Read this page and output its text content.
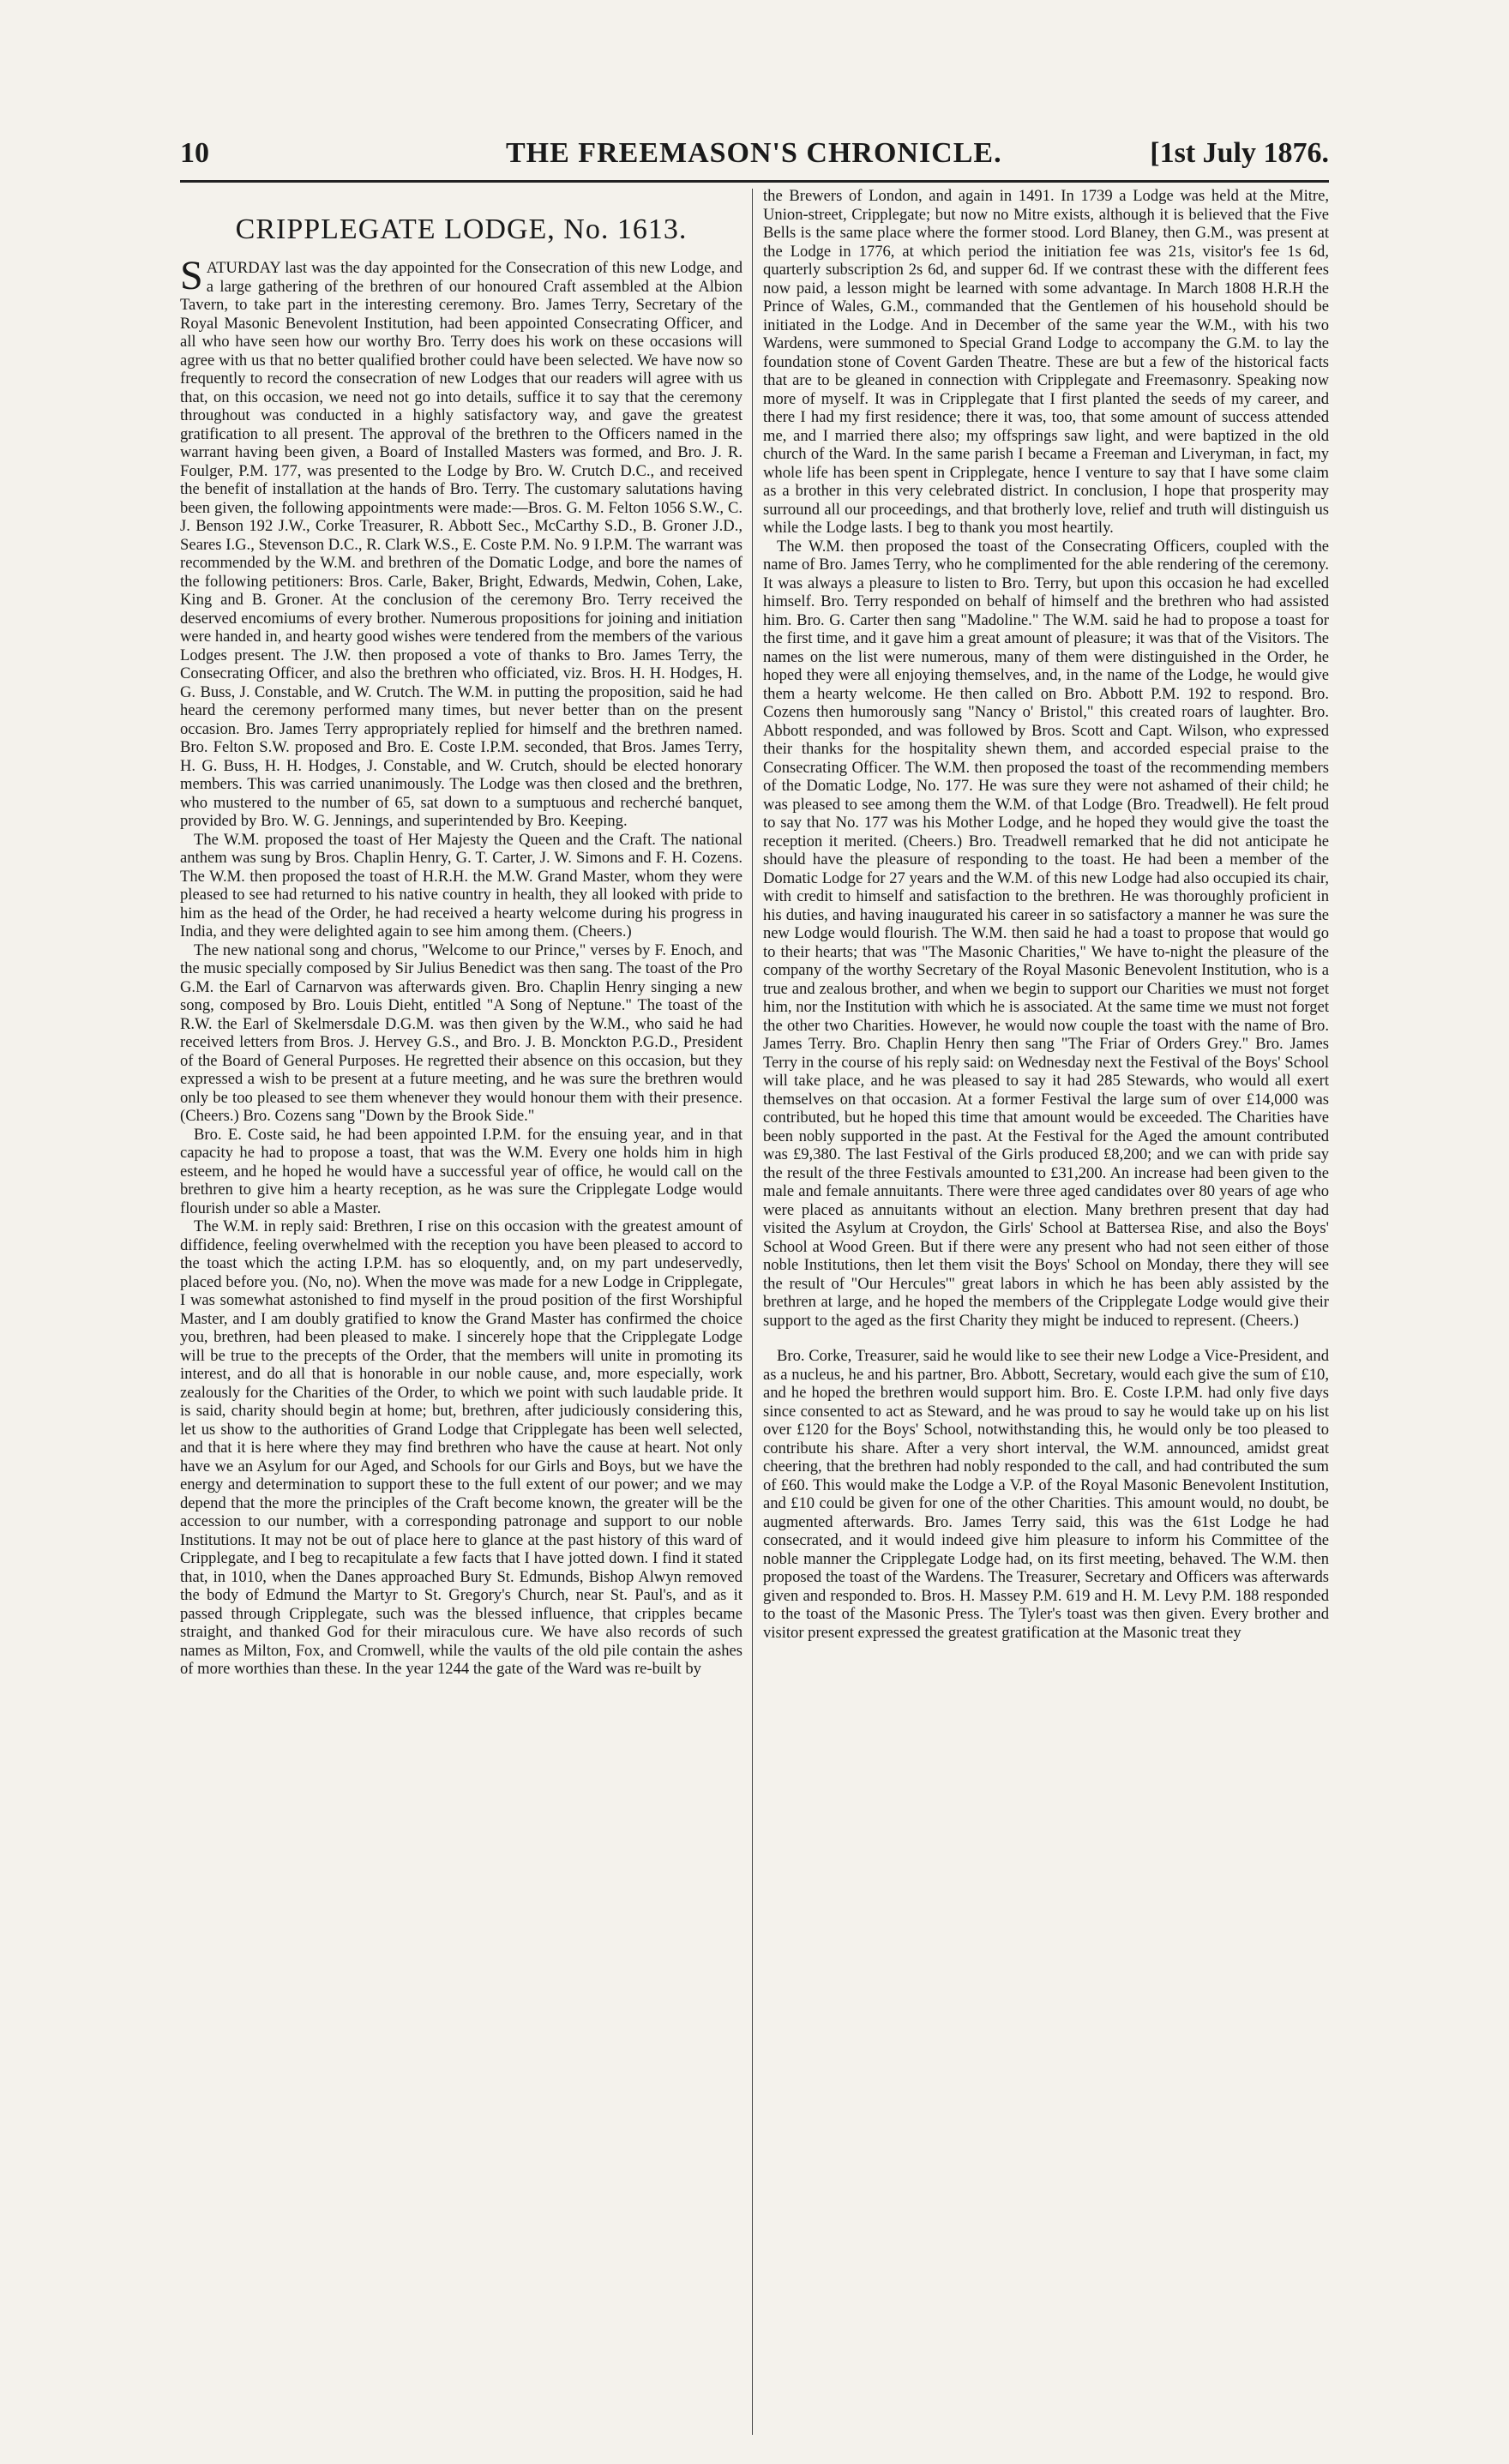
10	THE FREEMASON'S CHRONICLE.	[1st July 1876.
CRIPPLEGATE LODGE, No. 1613.

SATURDAY last was the day appointed for the Consecration of this new Lodge, and a large gathering of the brethren of our honoured Craft assembled at the Albion Tavern, to take part in the interesting ceremony. Bro. James Terry, Secretary of the Royal Masonic Benevolent Institution, had been appointed Consecrating Officer, and all who have seen how our worthy Bro. Terry does his work on these occasions will agree with us that no better qualified brother could have been selected. We have now so frequently to record the consecration of new Lodges that our readers will agree with us that, on this occasion, we need not go into details, suffice it to say that the ceremony throughout was conducted in a highly satisfactory way, and gave the greatest gratification to all present. The approval of the brethren to the Officers named in the warrant having been given, a Board of Installed Masters was formed, and Bro. J. R. Foulger, P.M. 177, was presented to the Lodge by Bro. W. Crutch D.C., and received the benefit of installation at the hands of Bro. Terry. The customary salutations having been given, the following appointments were made:—Bros. G. M. Felton 1056 S.W., C. J. Benson 192 J.W., Corke Treasurer, R. Abbott Sec., McCarthy S.D., B. Groner J.D., Seares I.G., Stevenson D.C., R. Clark W.S., E. Coste P.M. No. 9 I.P.M. The warrant was recommended by the W.M. and brethren of the Domatic Lodge, and bore the names of the following petitioners: Bros. Carle, Baker, Bright, Edwards, Medwin, Cohen, Lake, King and B. Groner. At the conclusion of the ceremony Bro. Terry received the deserved encomiums of every brother. Numerous propositions for joining and initiation were handed in, and hearty good wishes were tendered from the members of the various Lodges present. The J.W. then proposed a vote of thanks to Bro. James Terry, the Consecrating Officer, and also the brethren who officiated, viz. Bros. H. H. Hodges, H. G. Buss, J. Constable, and W. Crutch. The W.M. in putting the proposition, said he had heard the ceremony performed many times, but never better than on the present occasion. Bro. James Terry appropriately replied for himself and the brethren named. Bro. Felton S.W. proposed and Bro. E. Coste I.P.M. seconded, that Bros. James Terry, H. G. Buss, H. H. Hodges, J. Constable, and W. Crutch, should be elected honorary members. This was carried unanimously. The Lodge was then closed and the brethren, who mustered to the number of 65, sat down to a sumptuous and recherché banquet, provided by Bro. W. G. Jennings, and superintended by Bro. Keeping.

The W.M. proposed the toast of Her Majesty the Queen and the Craft. The national anthem was sung by Bros. Chaplin Henry, G. T. Carter, J. W. Simons and F. H. Cozens. The W.M. then proposed the toast of H.R.H. the M.W. Grand Master, whom they were pleased to see had returned to his native country in health, they all looked with pride to him as the head of the Order, he had received a hearty welcome during his progress in India, and they were delighted again to see him among them. (Cheers.)

The new national song and chorus, "Welcome to our Prince," verses by F. Enoch, and the music specially composed by Sir Julius Benedict was then sang. The toast of the Pro G.M. the Earl of Carnarvon was afterwards given. Bro. Chaplin Henry singing a new song, composed by Bro. Louis Dieht, entitled "A Song of Neptune." The toast of the R.W. the Earl of Skelmersdale D.G.M. was then given by the W.M., who said he had received letters from Bros. J. Hervey G.S., and Bro. J. B. Monckton P.G.D., President of the Board of General Purposes. He regretted their absence on this occasion, but they expressed a wish to be present at a future meeting, and he was sure the brethren would only be too pleased to see them whenever they would honour them with their presence. (Cheers.) Bro. Cozens sang "Down by the Brook Side."

Bro. E. Coste said, he had been appointed I.P.M. for the ensuing year, and in that capacity he had to propose a toast, that was the W.M. Every one holds him in high esteem, and he hoped he would have a successful year of office, he would call on the brethren to give him a hearty reception, as he was sure the Cripplegate Lodge would flourish under so able a Master.

The W.M. in reply said: Brethren, I rise on this occasion with the greatest amount of diffidence, feeling overwhelmed with the reception you have been pleased to accord to the toast which the acting I.P.M. has so eloquently, and, on my part undeservedly, placed before you. (No, no). When the move was made for a new Lodge in Cripplegate, I was somewhat astonished to find myself in the proud position of the first Worshipful Master, and I am doubly gratified to know the Grand Master has confirmed the choice you, brethren, had been pleased to make. I sincerely hope that the Cripplegate Lodge will be true to the precepts of the Order, that the members will unite in promoting its interest, and do all that is honorable in our noble cause, and, more especially, work zealously for the Charities of the Order, to which we point with such laudable pride. It is said, charity should begin at home; but, brethren, after judiciously considering this, let us show to the authorities of Grand Lodge that Cripplegate has been well selected, and that it is here where they may find brethren who have the cause at heart. Not only have we an Asylum for our Aged, and Schools for our Girls and Boys, but we have the energy and determination to support these to the full extent of our power; and we may depend that the more the principles of the Craft become known, the greater will be the accession to our number, with a corresponding patronage and support to our noble Institutions. It may not be out of place here to glance at the past history of this ward of Cripplegate, and I beg to recapitulate a few facts that I have jotted down. I find it stated that, in 1010, when the Danes approached Bury St. Edmunds, Bishop Alwyn removed the body of Edmund the Martyr to St. Gregory's Church, near St. Paul's, and as it passed through Cripplegate, such was the blessed influence, that cripples became straight, and thanked God for their miraculous cure. We have also records of such names as Milton, Fox, and Cromwell, while the vaults of the old pile contain the ashes of more worthies than these. In the year 1244 the gate of the Ward was re-built by

the Brewers of London, and again in 1491. In 1739 a Lodge was held at the Mitre, Union-street, Cripplegate; but now no Mitre exists, although it is believed that the Five Bells is the same place where the former stood. Lord Blaney, then G.M., was present at the Lodge in 1776, at which period the initiation fee was 21s, visitor's fee 1s 6d, quarterly subscription 2s 6d, and supper 6d. If we contrast these with the different fees now paid, a lesson might be learned with some advantage. In March 1808 H.R.H the Prince of Wales, G.M., commanded that the Gentlemen of his household should be initiated in the Lodge. And in December of the same year the W.M., with his two Wardens, were summoned to Special Grand Lodge to accompany the G.M. to lay the foundation stone of Covent Garden Theatre. These are but a few of the historical facts that are to be gleaned in connection with Cripplegate and Freemasonry. Speaking now more of myself. It was in Cripplegate that I first planted the seeds of my career, and there I had my first residence; there it was, too, that some amount of success attended me, and I married there also; my offsprings saw light, and were baptized in the old church of the Ward. In the same parish I became a Freeman and Liveryman, in fact, my whole life has been spent in Cripplegate, hence I venture to say that I have some claim as a brother in this very celebrated district. In conclusion, I hope that prosperity may surround all our proceedings, and that brotherly love, relief and truth will distinguish us while the Lodge lasts. I beg to thank you most heartily.

The W.M. then proposed the toast of the Consecrating Officers, coupled with the name of Bro. James Terry, who he complimented for the able rendering of the ceremony. It was always a pleasure to listen to Bro. Terry, but upon this occasion he had excelled himself. Bro. Terry responded on behalf of himself and the brethren who had assisted him. Bro. G. Carter then sang "Madoline." The W.M. said he had to propose a toast for the first time, and it gave him a great amount of pleasure; it was that of the Visitors. The names on the list were numerous, many of them were distinguished in the Order, he hoped they were all enjoying themselves, and, in the name of the Lodge, he would give them a hearty welcome. He then called on Bro. Abbott P.M. 192 to respond. Bro. Cozens then humorously sang "Nancy o' Bristol," this created roars of laughter. Bro. Abbott responded, and was followed by Bros. Scott and Capt. Wilson, who expressed their thanks for the hospitality shewn them, and accorded especial praise to the Consecrating Officer. The W.M. then proposed the toast of the recommending members of the Domatic Lodge, No. 177. He was sure they were not ashamed of their child; he was pleased to see among them the W.M. of that Lodge (Bro. Treadwell). He felt proud to say that No. 177 was his Mother Lodge, and he hoped they would give the toast the reception it merited. (Cheers.) Bro. Treadwell remarked that he did not anticipate he should have the pleasure of responding to the toast. He had been a member of the Domatic Lodge for 27 years and the W.M. of this new Lodge had also occupied its chair, with credit to himself and satisfaction to the brethren. He was thoroughly proficient in his duties, and having inaugurated his career in so satisfactory a manner he was sure the new Lodge would flourish. The W.M. then said he had a toast to propose that would go to their hearts; that was "The Masonic Charities," We have to-night the pleasure of the company of the worthy Secretary of the Royal Masonic Benevolent Institution, who is a true and zealous brother, and when we begin to support our Charities we must not forget him, nor the Institution with which he is associated. At the same time we must not forget the other two Charities. However, he would now couple the toast with the name of Bro. James Terry. Bro. Chaplin Henry then sang "The Friar of Orders Grey." Bro. James Terry in the course of his reply said: on Wednesday next the Festival of the Boys' School will take place, and he was pleased to say it had 285 Stewards, who would all exert themselves on that occasion. At a former Festival the large sum of over £14,000 was contributed, but he hoped this time that amount would be exceeded. The Charities have been nobly supported in the past. At the Festival for the Aged the amount contributed was £9,380. The last Festival of the Girls produced £8,200; and we can with pride say the result of the three Festivals amounted to £31,200. An increase had been given to the male and female annuitants. There were three aged candidates over 80 years of age who were placed as annuitants without an election. Many brethren present that day had visited the Asylum at Croydon, the Girls' School at Battersea Rise, and also the Boys' School at Wood Green. But if there were any present who had not seen either of those noble Institutions, then let them visit the Boys' School on Monday, there they will see the result of "Our Hercules'" great labors in which he has been ably assisted by the brethren at large, and he hoped the members of the Cripplegate Lodge would give their support to the aged as the first Charity they might be induced to represent. (Cheers.)

Bro. Corke, Treasurer, said he would like to see their new Lodge a Vice-President, and as a nucleus, he and his partner, Bro. Abbott, Secretary, would each give the sum of £10, and he hoped the brethren would support him. Bro. E. Coste I.P.M. had only five days since consented to act as Steward, and he was proud to say he would take up on his list over £120 for the Boys' School, notwithstanding this, he would only be too pleased to contribute his share. After a very short interval, the W.M. announced, amidst great cheering, that the brethren had nobly responded to the call, and had contributed the sum of £60. This would make the Lodge a V.P. of the Royal Masonic Benevolent Institution, and £10 could be given for one of the other Charities. This amount would, no doubt, be augmented afterwards. Bro. James Terry said, this was the 61st Lodge he had consecrated, and it would indeed give him pleasure to inform his Committee of the noble manner the Cripplegate Lodge had, on its first meeting, behaved. The W.M. then proposed the toast of the Wardens. The Treasurer, Secretary and Officers was afterwards given and responded to. Bros. H. Massey P.M. 619 and H. M. Levy P.M. 188 responded to the toast of the Masonic Press. The Tyler's toast was then given. Every brother and visitor present expressed the greatest gratification at the Masonic treat they
